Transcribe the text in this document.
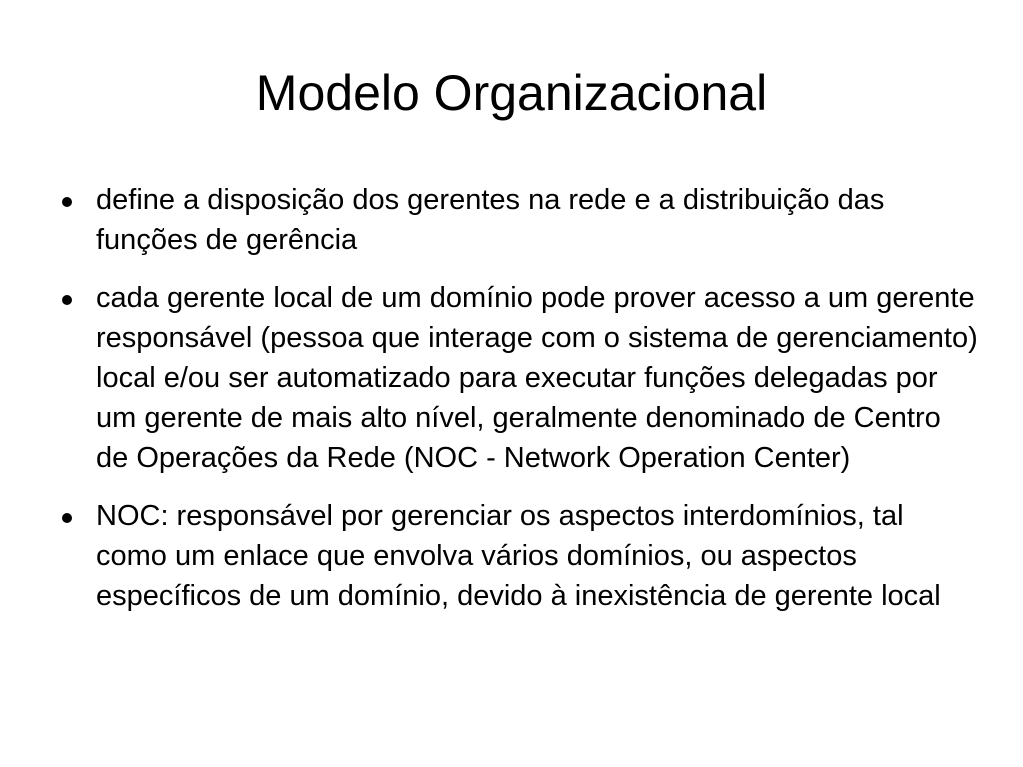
Modelo Organizacional
define a disposição dos gerentes na rede e a distribuição das funções de gerência
cada gerente local de um domínio pode prover acesso a um gerente responsável (pessoa que interage com o sistema de gerenciamento) local e/ou ser automatizado para executar funções delegadas por um gerente de mais alto nível, geralmente denominado de Centro de Operações da Rede (NOC - Network Operation Center)
NOC: responsável por gerenciar os aspectos interdomínios, tal como um enlace que envolva vários domínios, ou aspectos específicos de um domínio, devido à inexistência de gerente local
